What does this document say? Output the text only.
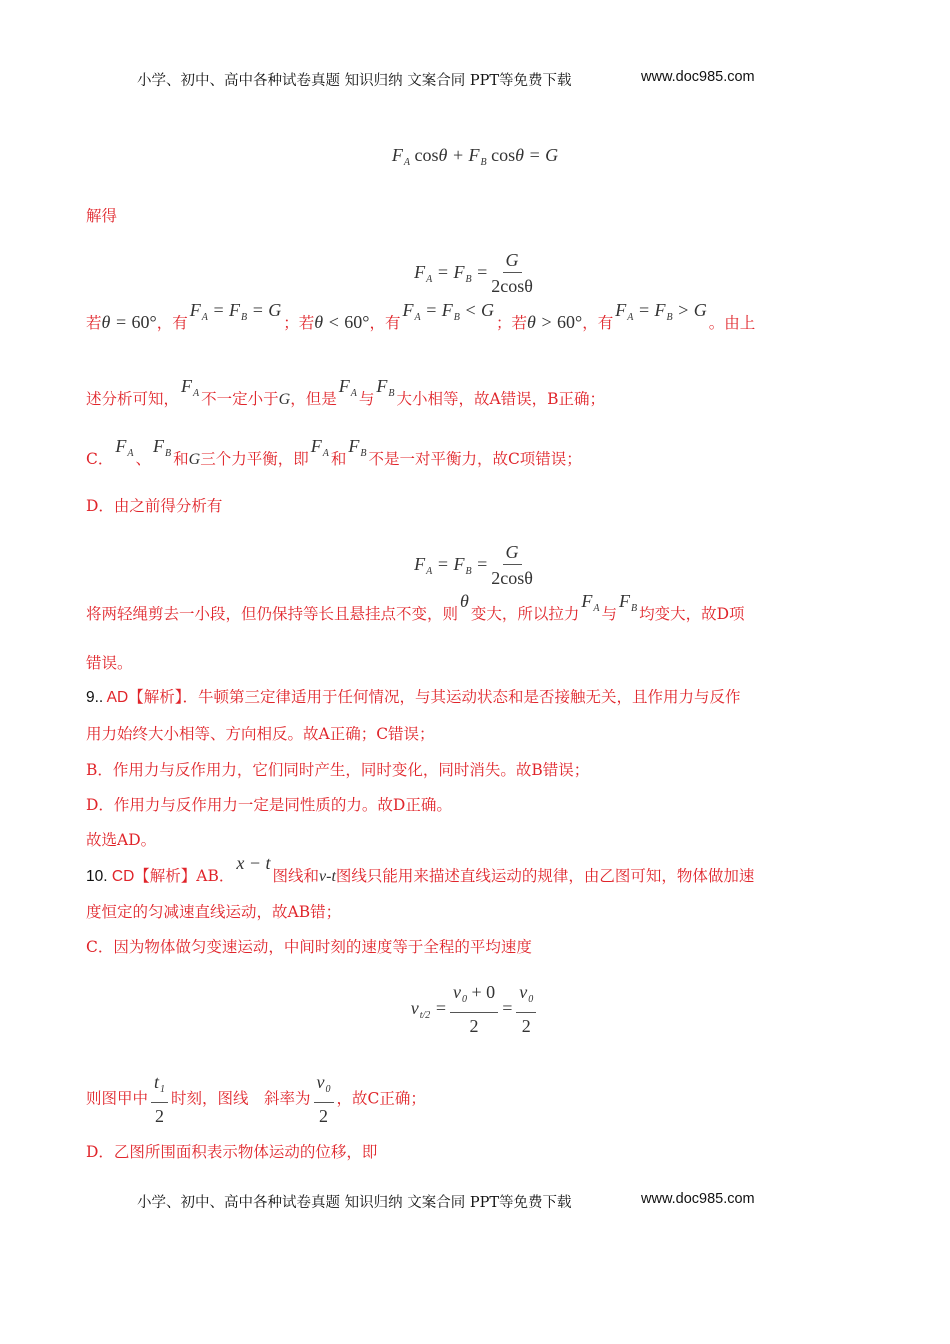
小学、初中、高中各种试卷真题 知识归纳 文案合同 PPT等免费下载	www.doc985.com
$F_A$ $\cos\theta + F_B$ cosθ = G
解得
$F_A = F_B = \frac{G}{2\cos\theta}$
若θ = 60°，有$F_A = F_B = G$；若θ < 60°，有$F_A = F_B < G$；若θ > 60°，有$F_A = F_B > G$。由上
述分析可知，$F_A$ 不一定小于G，但是$F_A$ 与$F_B$ 大小相等，故A错误，B正确；
C．$F_A$ 、$F_B$ 和G三个力平衡，即$F_A$ 和$F_B$ 不是一对平衡力，故C项错误；
D．由之前得分析有
$F_A = F_B = \frac{G}{2\cos\theta}$
将两轻绳剪去一小段，但仍保持等长且悬挂点不变，则θ变大，所以拉力$F_A$ 与$F_B$ 均变大，故D项
错误。
9.. AD【解析】．牛顿第三定律适用于任何情况，与其运动状态和是否接触无关，且作用力与反作
用力始终大小相等、方向相反。故A正确；C错误；
B．作用力与反作用力，它们同时产生，同时变化，同时消失。故B错误；
D．作用力与反作用力一定是同性质的力。故D正确。
故选AD。
10. CD【解析】AB．x − t图线和v-t图线只能用来描述直线运动的规律，由乙图可知，物体做加速
度恒定的匀减速直线运动，故AB错；
C．因为物体做匀变速运动，中间时刻的速度等于全程的平均速度
$v_{t/2} = \frac{v_0 + 0}{2} = \frac{v_0}{2}$
则图甲中 $\frac{t_1}{2}$ 时刻，图线　斜率为 $\frac{v_0}{2}$ ，故C正确；
D．乙图所围面积表示物体运动的位移，即
小学、初中、高中各种试卷真题 知识归纳 文案合同 PPT等免费下载	www.doc985.com
